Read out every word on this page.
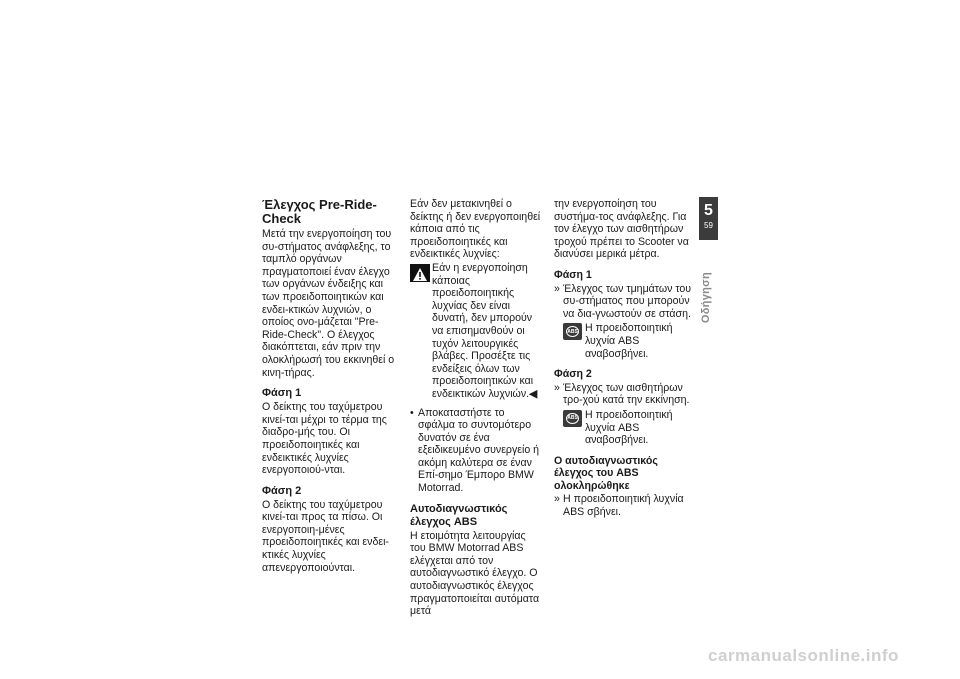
Έλεγχος Pre-Ride-Check

Μετά την ενεργοποίηση του συ-στήματος ανάφλεξης, το ταμπλό οργάνων πραγματοποιεί έναν έλεγχο των οργάνων ένδειξης και των προειδοποιητικών και ενδει-κτικών λυχνιών, ο οποίος ονο-μάζεται "Pre-Ride-Check". Ο έλεγχος διακόπτεται, εάν πριν την ολοκλήρωσή του εκκινηθεί ο κινη-τήρας.

Φάση 1

Ο δείκτης του ταχύμετρου κινεί-ται μέχρι το τέρμα της διαδρο-μής του. Οι προειδοποιητικές και ενδεικτικές λυχνίες ενεργοποιού-νται.

Φάση 2

Ο δείκτης του ταχύμετρου κινεί-ται προς τα πίσω. Οι ενεργοποιη-μένες προειδοποιητικές και ενδει-κτικές λυχνίες απενεργοποιούνται.

Εάν δεν μετακινηθεί ο δείκτης ή δεν ενεργοποιηθεί κάποια από τις προειδοποιητικές και ενδεικτικές λυχνίες:

Εάν η ενεργοποίηση κάποιας προειδοποιητικής λυχνίας δεν είναι δυνατή, δεν μπορούν να επισημανθούν οι τυχόν λειτουργικές βλάβες. Προσέξτε τις ενδείξεις όλων των προειδοποιητικών και ενδεικτικών λυχνιών.◀
• Αποκαταστήστε το σφάλμα το συντομότερο δυνατόν σε ένα εξειδικευμένο συνεργείο ή ακόμη καλύτερα σε έναν Επί-σημο Έμπορο BMW Motorrad.
Αυτοδιαγνωστικός έλεγχος ABS

Η ετοιμότητα λειτουργίας του BMW Motorrad ABS ελέγχεται από τον αυτοδιαγνωστικό έλεγχο. Ο αυτοδιαγνωστικός έλεγχος πραγματοποιείται αυτόματα μετά

την ενεργοποίηση του συστήμα-τος ανάφλεξης. Για τον έλεγχο των αισθητήρων τροχού πρέπει το Scooter να διανύσει μερικά μέτρα.

Φάση 1
» Έλεγχος των τμημάτων του συ-στήματος που μπορούν να δια-γνωστούν σε στάση.
ABS Η προειδοποιητική λυχνία ABS αναβοσβήνει.
Φάση 2
» Έλεγχος των αισθητήρων τρο-χού κατά την εκκίνηση.
ABS Η προειδοποιητική λυχνία ABS αναβοσβήνει.
Ο αυτοδιαγνωστικός έλεγχος του ABS ολοκληρώθηκε
» Η προειδοποιητική λυχνία ABS σβήνει.
5
59
Οδήγηση
carmanualsonline.info
